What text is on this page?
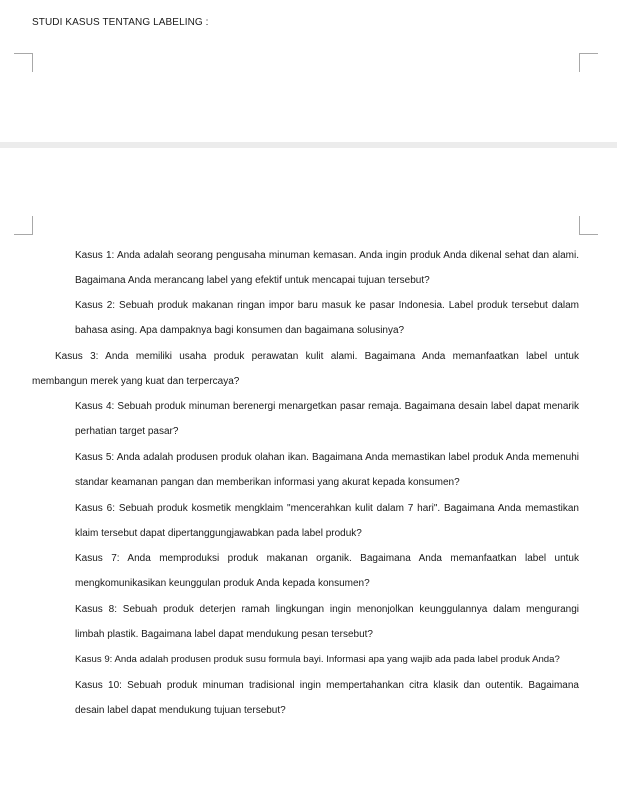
STUDI KASUS TENTANG LABELING :
Kasus 1: Anda adalah seorang pengusaha minuman kemasan. Anda ingin produk Anda dikenal sehat dan alami.
Bagaimana Anda merancang label yang efektif untuk mencapai tujuan tersebut?
Kasus 2: Sebuah produk makanan ringan impor baru masuk ke pasar Indonesia. Label produk tersebut dalam
bahasa asing. Apa dampaknya bagi konsumen dan bagaimana solusinya?
Kasus 3: Anda memiliki usaha produk perawatan kulit alami. Bagaimana Anda memanfaatkan label untuk
membangun merek yang kuat dan terpercaya?
Kasus 4: Sebuah produk minuman berenergi menargetkan pasar remaja. Bagaimana desain label dapat menarik
perhatian target pasar?
Kasus 5: Anda adalah produsen produk olahan ikan. Bagaimana Anda memastikan label produk Anda memenuhi
standar keamanan pangan dan memberikan informasi yang akurat kepada konsumen?
Kasus 6: Sebuah produk kosmetik mengklaim "mencerahkan kulit dalam 7 hari". Bagaimana Anda memastikan
klaim tersebut dapat dipertanggungjawabkan pada label produk?
Kasus 7: Anda memproduksi produk makanan organik. Bagaimana Anda memanfaatkan label untuk
mengkomunikasikan keunggulan produk Anda kepada konsumen?
Kasus 8: Sebuah produk deterjen ramah lingkungan ingin menonjolkan keunggulannya dalam mengurangi
limbah plastik. Bagaimana label dapat mendukung pesan tersebut?
Kasus 9: Anda adalah produsen produk susu formula bayi. Informasi apa yang wajib ada pada label produk Anda?
Kasus 10: Sebuah produk minuman tradisional ingin mempertahankan citra klasik dan outentik. Bagaimana
desain label dapat mendukung tujuan tersebut?
